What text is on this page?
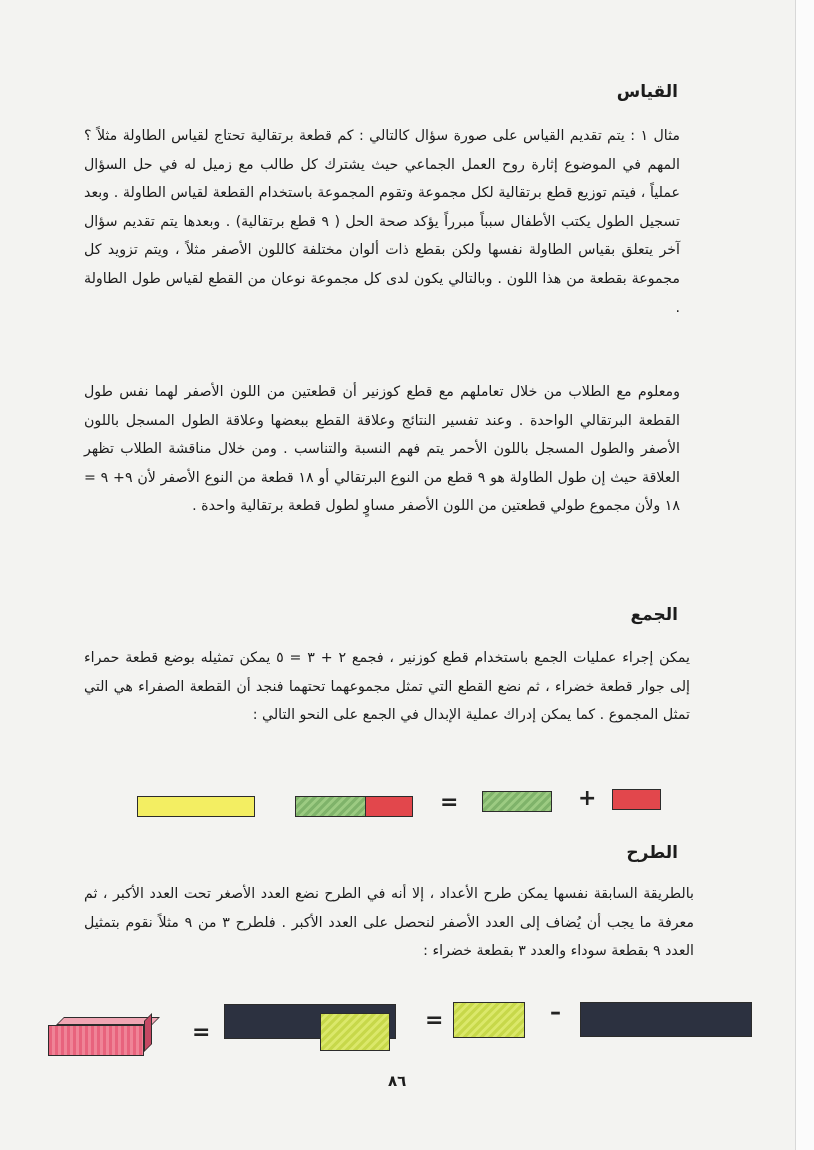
القياس

مثال ١ : يتم تقديم القياس على صورة سؤال كالتالي : كم قطعة برتقالية تحتاج لقياس الطاولة مثلاً ؟ المهم في الموضوع إثارة روح العمل الجماعي حيث يشترك كل طالب مع زميل له في حل السؤال عملياً ، فيتم توزيع قطع برتقالية لكل مجموعة وتقوم المجموعة باستخدام القطعة لقياس الطاولة . وبعد تسجيل الطول يكتب الأطفال سبباً مبرراً يؤكد صحة الحل ( ٩ قطع برتقالية) . وبعدها يتم تقديم سؤال آخر يتعلق بقياس الطاولة نفسها ولكن بقطع ذات ألوان مختلفة كاللون الأصفر مثلاً ، ويتم تزويد كل مجموعة بقطعة من هذا اللون . وبالتالي يكون لدى كل مجموعة نوعان من القطع لقياس طول الطاولة .

ومعلوم مع الطلاب من خلال تعاملهم مع قطع كوزنير أن قطعتين من اللون الأصفر لهما نفس طول القطعة البرتقالي الواحدة . وعند تفسير النتائج وعلاقة القطع ببعضها وعلاقة الطول المسجل باللون الأصفر والطول المسجل باللون الأحمر يتم فهم النسبة والتناسب . ومن خلال مناقشة الطلاب تظهر العلاقة حيث إن طول الطاولة هو ٩ قطع من النوع البرتقالي أو ١٨ قطعة من النوع الأصفر لأن ٩+ ٩ = ١٨ ولأن مجموع طولي قطعتين من اللون الأصفر مساوٍ لطول قطعة برتقالية واحدة .

الجمع

يمكن إجراء عمليات الجمع باستخدام قطع كوزنير ، فجمع ٢ + ٣ = ٥ يمكن تمثيله بوضع قطعة حمراء إلى جوار قطعة خضراء ، ثم نضع القطع التي تمثل مجموعهما تحتهما فنجد أن القطعة الصفراء هي التي تمثل المجموع . كما يمكن إدراك عملية الإبدال في الجمع على النحو التالي :

=	+
الطرح

بالطريقة السابقة نفسها يمكن طرح الأعداد ، إلا أنه في الطرح نضع العدد الأصغر تحت العدد الأكبر ، ثم معرفة ما يجب أن يُضاف إلى العدد الأصفر لنحصل على العدد الأكبر . فلطرح ٣ من ٩ مثلاً نقوم بتمثيل العدد ٩ بقطعة سوداء والعدد ٣ بقطعة خضراء :

=	=	–
٨٦
